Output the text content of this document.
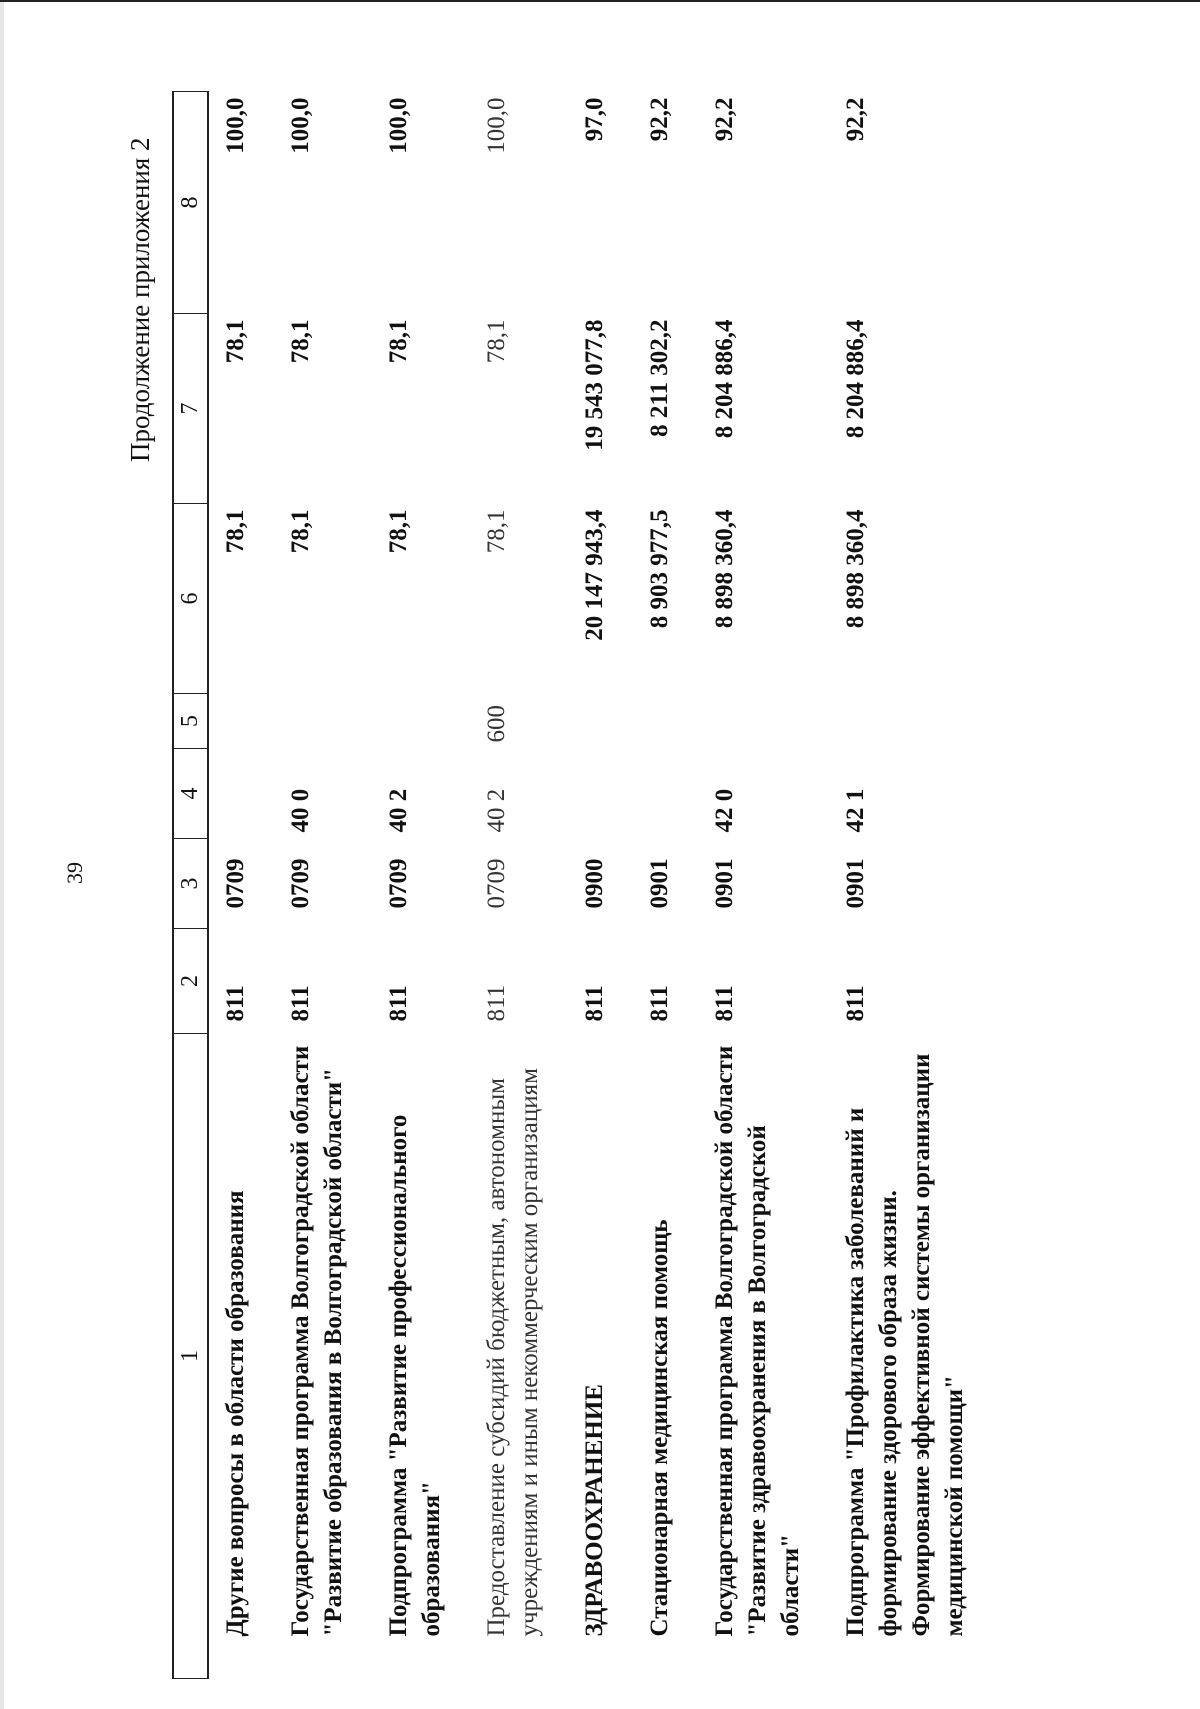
39
Продолжение приложения 2
1	2	3	4	5	6	7	8
Другие вопросы в области образования	811	0709			78,1	78,1	100,0
Государственная программа Волгоградской области "Развитие образования в Волгоградской области"	811	0709	40 0		78,1	78,1	100,0
Подпрограмма "Развитие профессионального образования"	811	0709	40 2		78,1	78,1	100,0
Предоставление субсидий бюджетным, автономным учреждениям и иным некоммерческим организациям	811	0709	40 2	600	78,1	78,1	100,0
ЗДРАВООХРАНЕНИЕ	811	0900			20 147 943,4	19 543 077,8	97,0
Стационарная медицинская помощь	811	0901			8 903 977,5	8 211 302,2	92,2
Государственная программа Волгоградской области "Развитие здравоохранения в Волгоградской области"	811	0901	42 0		8 898 360,4	8 204 886,4	92,2
Подпрограмма "Профилактика заболеваний и формирование здорового образа жизни. Формирование эффективной системы организации медицинской помощи"	811	0901	42 1		8 898 360,4	8 204 886,4	92,2
